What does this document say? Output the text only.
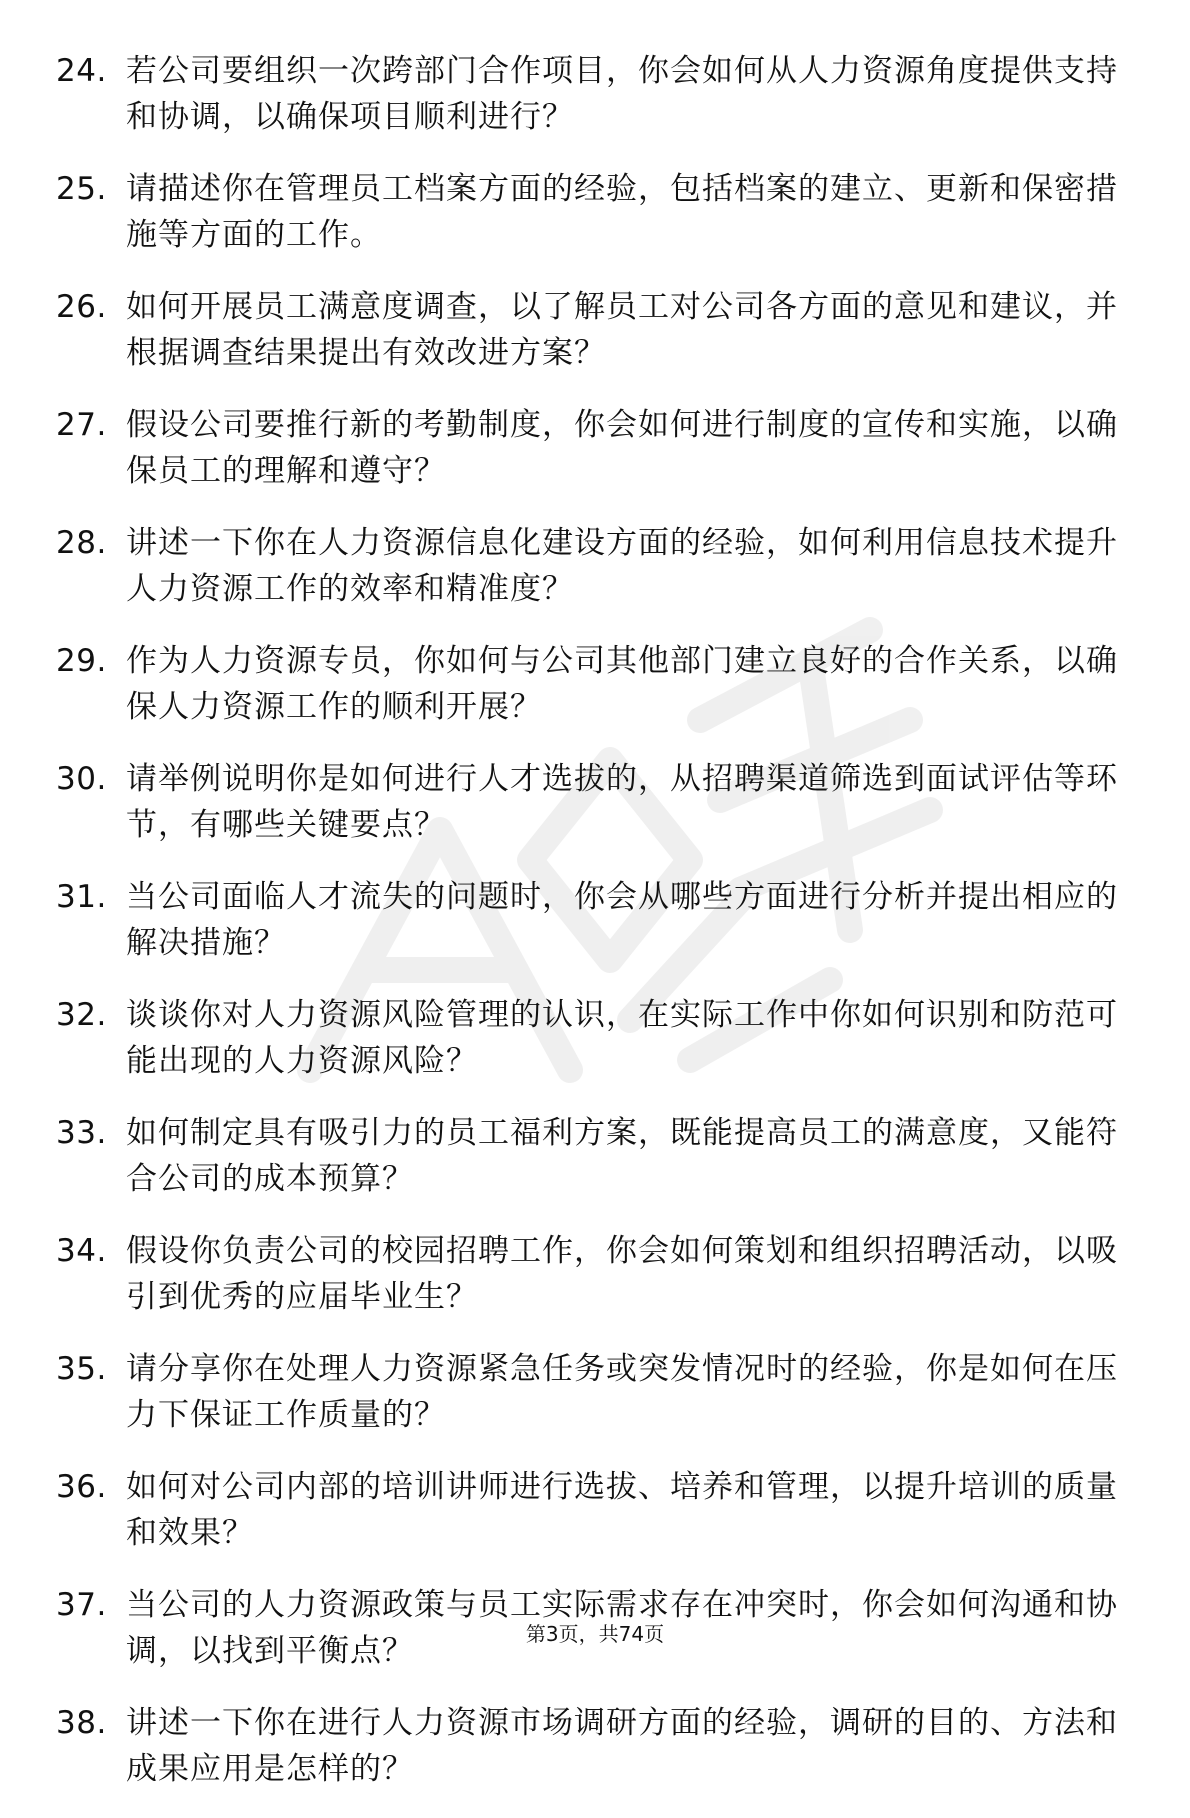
24. 若公司要组织一次跨部门合作项目，你会如何从人力资源角度提供支持和协调，以确保项目顺利进行？
25. 请描述你在管理员工档案方面的经验，包括档案的建立、更新和保密措施等方面的工作。
26. 如何开展员工满意度调查，以了解员工对公司各方面的意见和建议，并根据调查结果提出有效改进方案？
27. 假设公司要推行新的考勤制度，你会如何进行制度的宣传和实施，以确保员工的理解和遵守？
28. 讲述一下你在人力资源信息化建设方面的经验，如何利用信息技术提升人力资源工作的效率和精准度？
29. 作为人力资源专员，你如何与公司其他部门建立良好的合作关系，以确保人力资源工作的顺利开展？
30. 请举例说明你是如何进行人才选拔的，从招聘渠道筛选到面试评估等环节，有哪些关键要点？
31. 当公司面临人才流失的问题时，你会从哪些方面进行分析并提出相应的解决措施？
32. 谈谈你对人力资源风险管理的认识，在实际工作中你如何识别和防范可能出现的人力资源风险？
33. 如何制定具有吸引力的员工福利方案，既能提高员工的满意度，又能符合公司的成本预算？
34. 假设你负责公司的校园招聘工作，你会如何策划和组织招聘活动，以吸引到优秀的应届毕业生？
35. 请分享你在处理人力资源紧急任务或突发情况时的经验，你是如何在压力下保证工作质量的？
36. 如何对公司内部的培训讲师进行选拔、培养和管理，以提升培训的质量和效果？
37. 当公司的人力资源政策与员工实际需求存在冲突时，你会如何沟通和协调，以找到平衡点？
38. 讲述一下你在进行人力资源市场调研方面的经验，调研的目的、方法和成果应用是怎样的？
第3页，共74页
